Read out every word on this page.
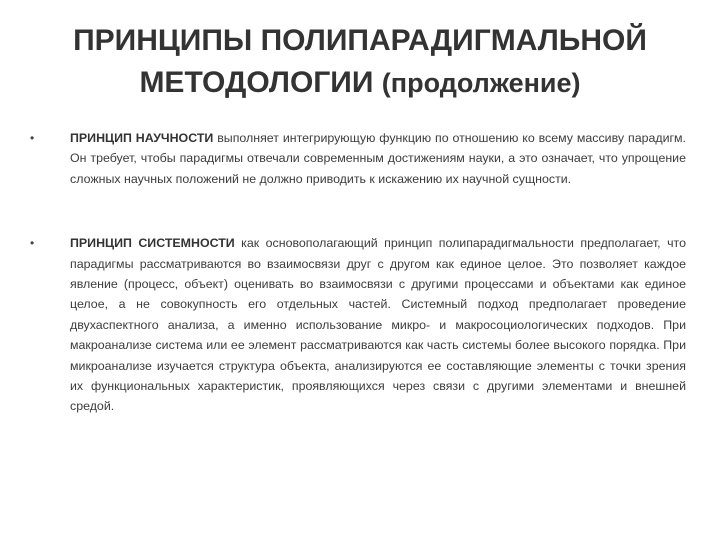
ПРИНЦИПЫ ПОЛИПАРАДИГМАЛЬНОЙ
МЕТОДОЛОГИИ (продолжение)
•	ПРИНЦИП НАУЧНОСТИ выполняет интегрирующую функцию по отношению ко всему массиву парадигм. Он требует, чтобы парадигмы отвечали современным достижениям науки, а это означает, что упрощение сложных научных положений не должно приводить к искажению их научной сущности.
•	ПРИНЦИП СИСТЕМНОСТИ как основополагающий принцип полипарадигмальности предполагает, что парадигмы рассматриваются во взаимосвязи друг с другом как единое целое. Это позволяет каждое явление (процесс, объект) оценивать во взаимосвязи с другими процессами и объектами как единое целое, а не совокупность его отдельных частей. Системный подход предполагает проведение двухаспектного анализа, а именно использование микро- и макросоциологических подходов. При макроанализе система или ее элемент рассматриваются как часть системы более высокого порядка. При микроанализе изучается структура объекта, анализируются ее составляющие элементы с точки зрения их функциональных характеристик, проявляющихся через связи с другими элементами и внешней средой.
